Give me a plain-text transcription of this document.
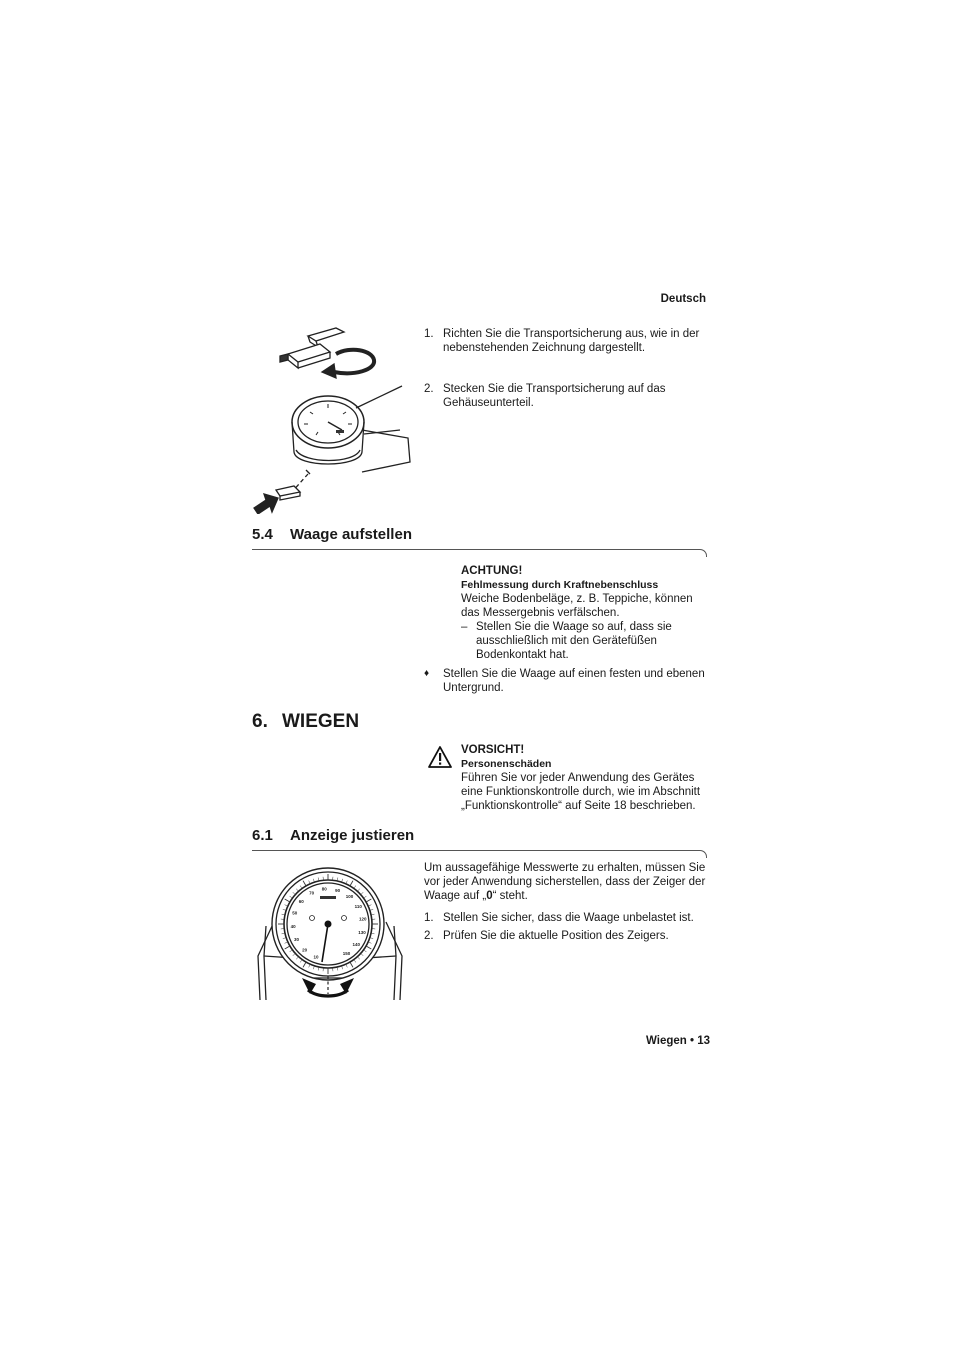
Deutsch
1. Richten Sie die Transportsicherung aus, wie in der nebenstehenden Zeichnung dargestellt.
2. Stecken Sie die Transportsicherung auf das Gehäuseunterteil.
5.4 Waage aufstellen
ACHTUNG!
Fehlmessung durch Kraftnebenschluss
Weiche Bodenbeläge, z. B. Teppiche, können das Messergebnis verfälschen.
– Stellen Sie die Waage so auf, dass sie ausschließlich mit den Gerätefüßen Bodenkontakt hat.
♦ Stellen Sie die Waage auf einen festen und ebenen Untergrund.
6. WIEGEN
VORSICHT!
Personenschäden
Führen Sie vor jeder Anwendung des Gerätes eine Funktionskontrolle durch, wie im Abschnitt „Funktionskontrolle“ auf Seite 18 beschrieben.
6.1 Anzeige justieren
10
20
30
40
50
60
70
80 90
100
110
120
130
140
150
Um aussagefähige Messwerte zu erhalten, müssen Sie vor jeder Anwendung sicherstellen, dass der Zeiger der Waage auf „0“ steht.
1. Stellen Sie sicher, dass die Waage unbelastet ist.
2. Prüfen Sie die aktuelle Position des Zeigers.
Wiegen • 13
